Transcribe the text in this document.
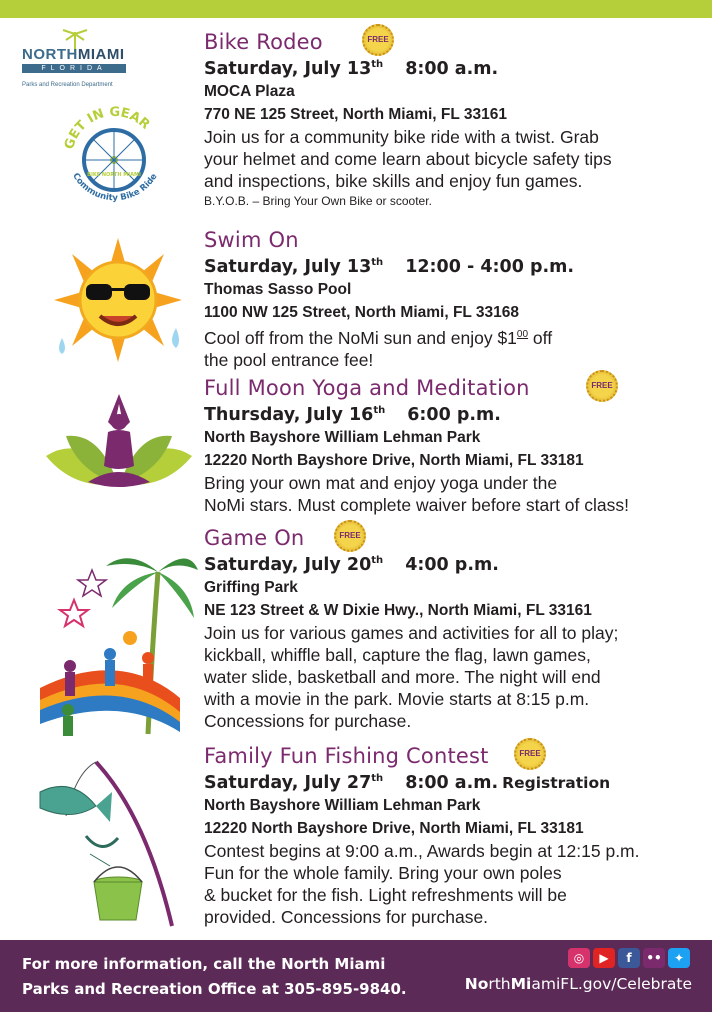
NORTHMIAMI
FLORIDA
Parks and Recreation Department
GET IN GEAR
BIKE NORTH MIAMI
Community Bike Ride
Bike Rodeo
Saturday, July 13th 8:00 a.m.
MOCA Plaza
770 NE 125 Street, North Miami, FL 33161
Join us for a community bike ride with a twist. Grab
your helmet and come learn about bicycle safety tips
and inspections, bike skills and enjoy fun games.
B.Y.O.B. – Bring Your Own Bike or scooter.
FREE
Swim On
Saturday, July 13th 12:00 - 4:00 p.m.
Thomas Sasso Pool
1100 NW 125 Street, North Miami, FL 33168
Cool off from the NoMi sun and enjoy $\$1^{00}$ off
the pool entrance fee!
Full Moon Yoga and Meditation
Thursday, July 16th 6:00 p.m.
North Bayshore William Lehman Park
12220 North Bayshore Drive, North Miami, FL 33181
Bring your own mat and enjoy yoga under the
NoMi stars. Must complete waiver before start of class!
FREE
Game On
Saturday, July 20th 4:00 p.m.
Griffing Park
NE 123 Street & W Dixie Hwy., North Miami, FL 33161
Join us for various games and activities for all to play;
kickball, whiffle ball, capture the flag, lawn games,
water slide, basketball and more. The night will end
with a movie in the park. Movie starts at 8:15 p.m.
Concessions for purchase.
FREE
Family Fun Fishing Contest
Saturday, July 27th 8:00 a.m. Registration
North Bayshore William Lehman Park
12220 North Bayshore Drive, North Miami, FL 33181
Contest begins at 9:00 a.m., Awards begin at 12:15 p.m.
Fun for the whole family. Bring your own poles
& bucket for the fish. Light refreshments will be
provided. Concessions for purchase.
FREE
For more information, call the North Miami
Parks and Recreation Office at 305-895-9840.
◎	▶	f	••	✦
NorthMiamiFL.gov/Celebrate
